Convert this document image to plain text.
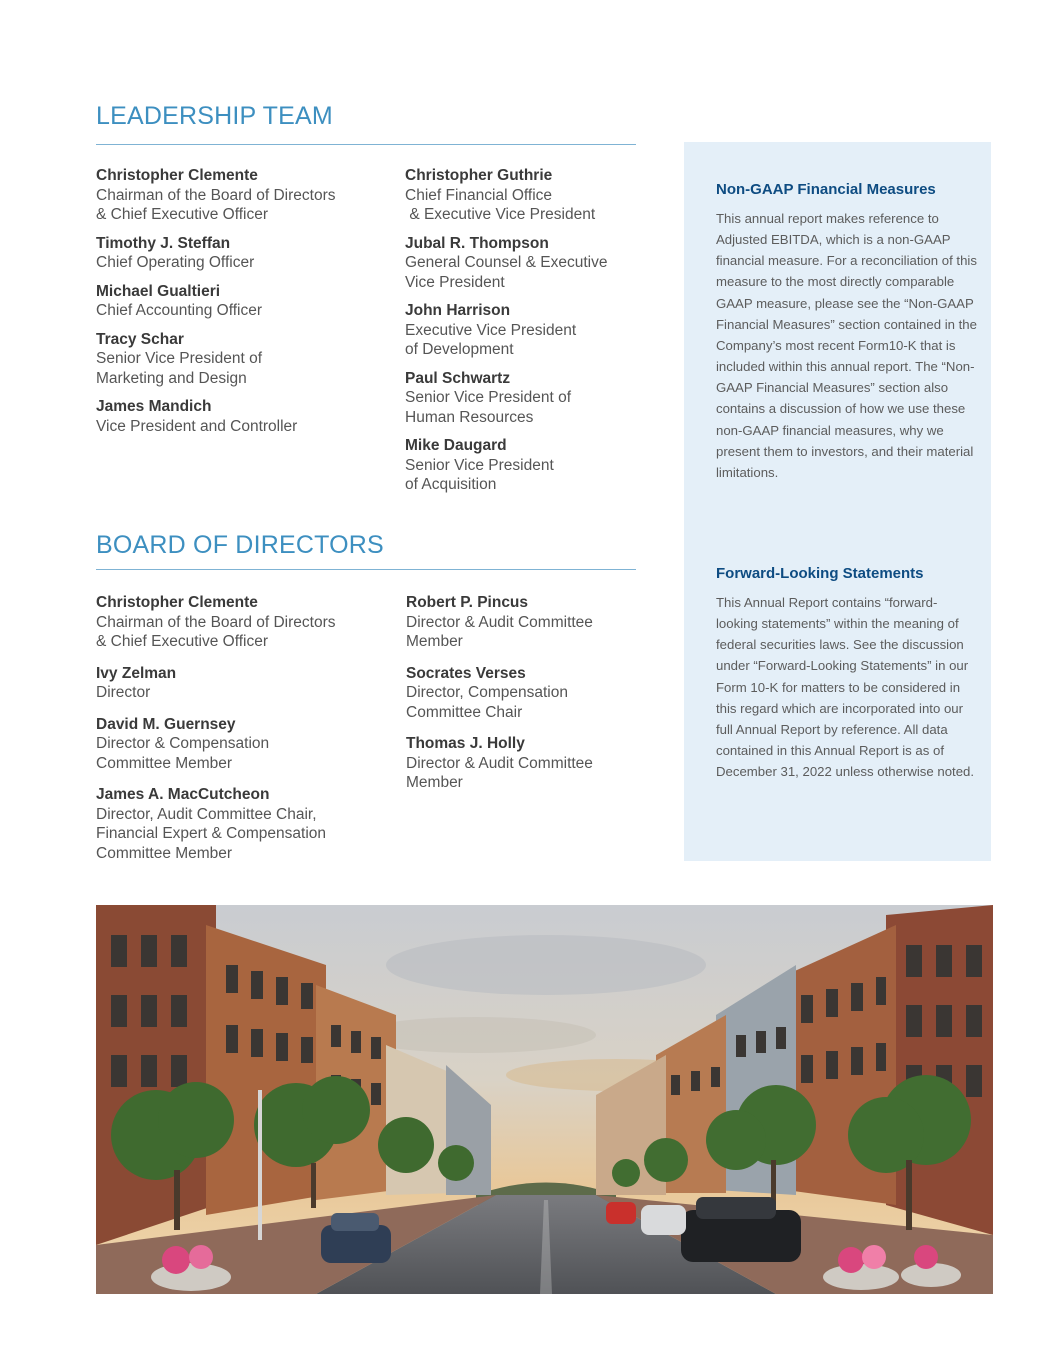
LEADERSHIP TEAM
Christopher Clemente
Chairman of the Board of Directors
& Chief Executive Officer
Timothy J. Steffan
Chief Operating Officer
Michael Gualtieri
Chief Accounting Officer
Tracy Schar
Senior Vice President of
Marketing and Design
James Mandich
Vice President and Controller
Christopher Guthrie
Chief Financial Office
& Executive Vice President
Jubal R. Thompson
General Counsel & Executive
Vice President
John Harrison
Executive Vice President
of Development
Paul Schwartz
Senior Vice President of
Human Resources
Mike Daugard
Senior Vice President
of Acquisition
BOARD OF DIRECTORS
Christopher Clemente
Chairman of the Board of Directors
& Chief Executive Officer
Ivy Zelman
Director
David M. Guernsey
Director & Compensation
Committee Member
James A. MacCutcheon
Director, Audit Committee Chair,
Financial Expert & Compensation
Committee Member
Robert P. Pincus
Director & Audit Committee
Member
Socrates Verses
Director, Compensation
Committee Chair
Thomas J. Holly
Director & Audit Committee
Member
Non-GAAP Financial Measures

This annual report makes reference to Adjusted EBITDA, which is a non-GAAP financial measure. For a reconciliation of this measure to the most directly comparable GAAP measure, please see the “Non-GAAP Financial Measures” section contained in the Company’s most recent Form10-K that is included within this annual report. The “Non-GAAP Financial Measures” section also contains a discussion of how we use these non-GAAP financial measures, why we present them to investors, and their material limitations.

Forward-Looking Statements

This Annual Report contains “forward-looking statements” within the meaning of federal securities laws. See the discussion under “Forward-Looking Statements” in our Form 10-K for matters to be considered in this regard which are incorporated into our full Annual Report by reference. All data contained in this Annual Report is as of December 31, 2022 unless otherwise noted.
